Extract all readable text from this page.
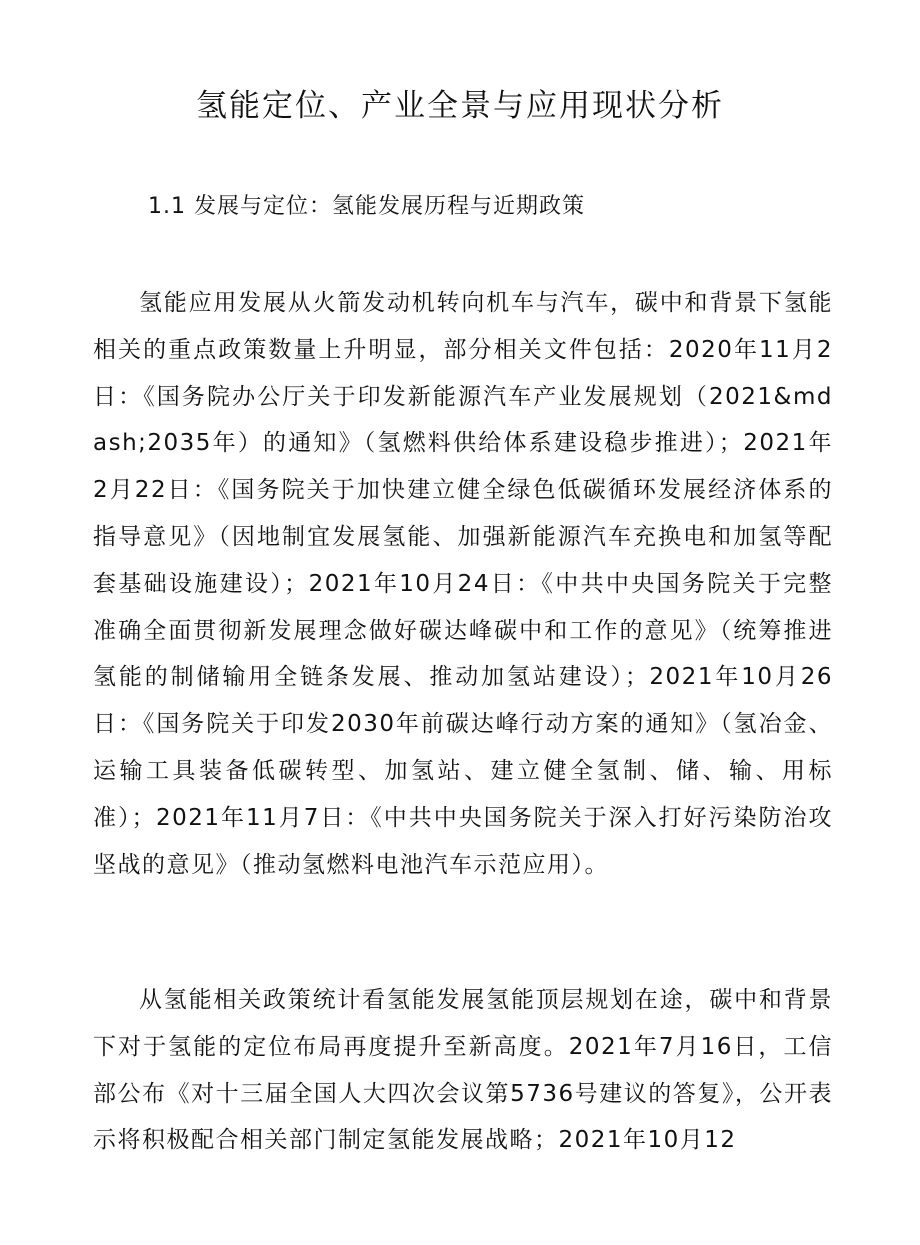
氢能定位、产业全景与应用现状分析
1.1 发展与定位：氢能发展历程与近期政策

氢能应用发展从火箭发动机转向机车与汽车，碳中和背景下氢能相关的重点政策数量上升明显，部分相关文件包括：2020年11月2日：《国务院办公厅关于印发新能源汽车产业发展规划（2021&mdash;2035年）的通知》（氢燃料供给体系建设稳步推进）；2021年2月22日：《国务院关于加快建立健全绿色低碳循环发展经济体系的指导意见》（因地制宜发展氢能、加强新能源汽车充换电和加氢等配套基础设施建设）；2021年10月24日：《中共中央国务院关于完整准确全面贯彻新发展理念做好碳达峰碳中和工作的意见》（统筹推进氢能的制储输用全链条发展、推动加氢站建设）；2021年10月26日：《国务院关于印发2030年前碳达峰行动方案的通知》（氢冶金、运输工具装备低碳转型、加氢站、建立健全氢制、储、输、用标准）；2021年11月7日：《中共中央国务院关于深入打好污染防治攻坚战的意见》（推动氢燃料电池汽车示范应用）。

从氢能相关政策统计看氢能发展氢能顶层规划在途，碳中和背景下对于氢能的定位布局再度提升至新高度。2021年7月16日，工信部公布《对十三届全国人大四次会议第5736号建议的答复》，公开表示将积极配合相关部门制定氢能发展战略；2021年10月12
